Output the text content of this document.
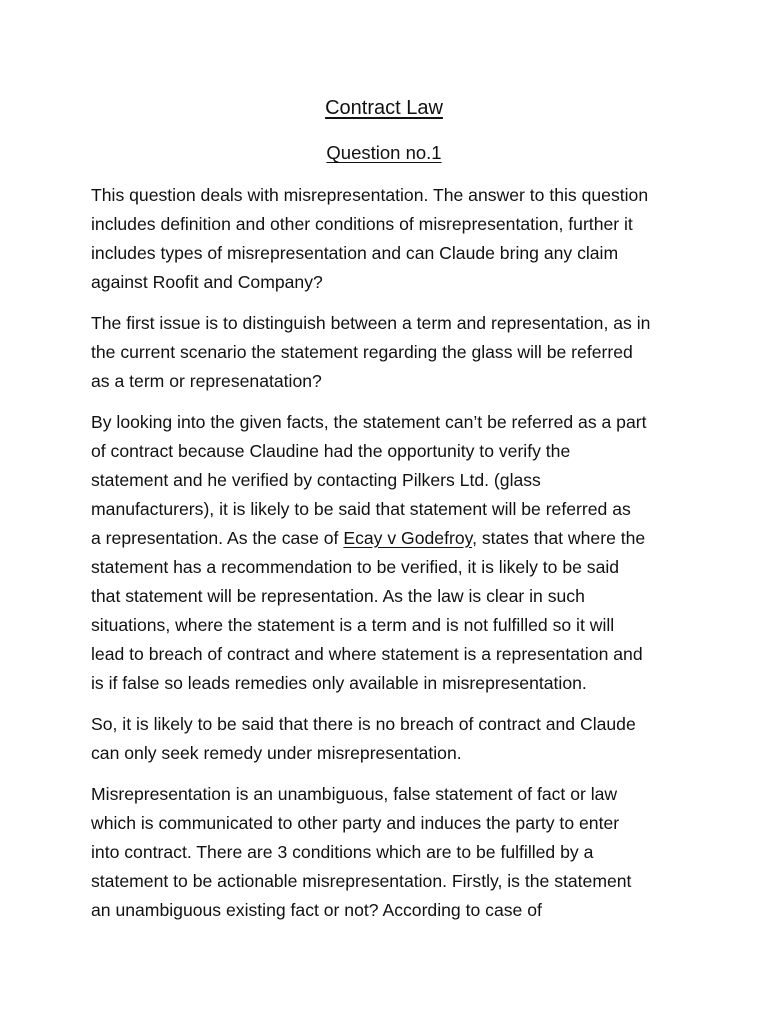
Contract Law
Question no.1

This question deals with misrepresentation. The answer to this question
includes definition and other conditions of misrepresentation, further it
includes types of misrepresentation and can Claude bring any claim
against Roofit and Company?

The first issue is to distinguish between a term and representation, as in
the current scenario the statement regarding the glass will be referred
as a term or represenatation?

By looking into the given facts, the statement can’t be referred as a part
of contract because Claudine had the opportunity to verify the
statement and he verified by contacting Pilkers Ltd. (glass
manufacturers), it is likely to be said that statement will be referred as
a representation. As the case of Ecay v Godefroy, states that where the
statement has a recommendation to be verified, it is likely to be said
that statement will be representation. As the law is clear in such
situations, where the statement is a term and is not fulfilled so it will
lead to breach of contract and where statement is a representation and
is if false so leads remedies only available in misrepresentation.

So, it is likely to be said that there is no breach of contract and Claude
can only seek remedy under misrepresentation.

Misrepresentation is an unambiguous, false statement of fact or law
which is communicated to other party and induces the party to enter
into contract. There are 3 conditions which are to be fulfilled by a
statement to be actionable misrepresentation. Firstly, is the statement
an unambiguous existing fact or not? According to case of
